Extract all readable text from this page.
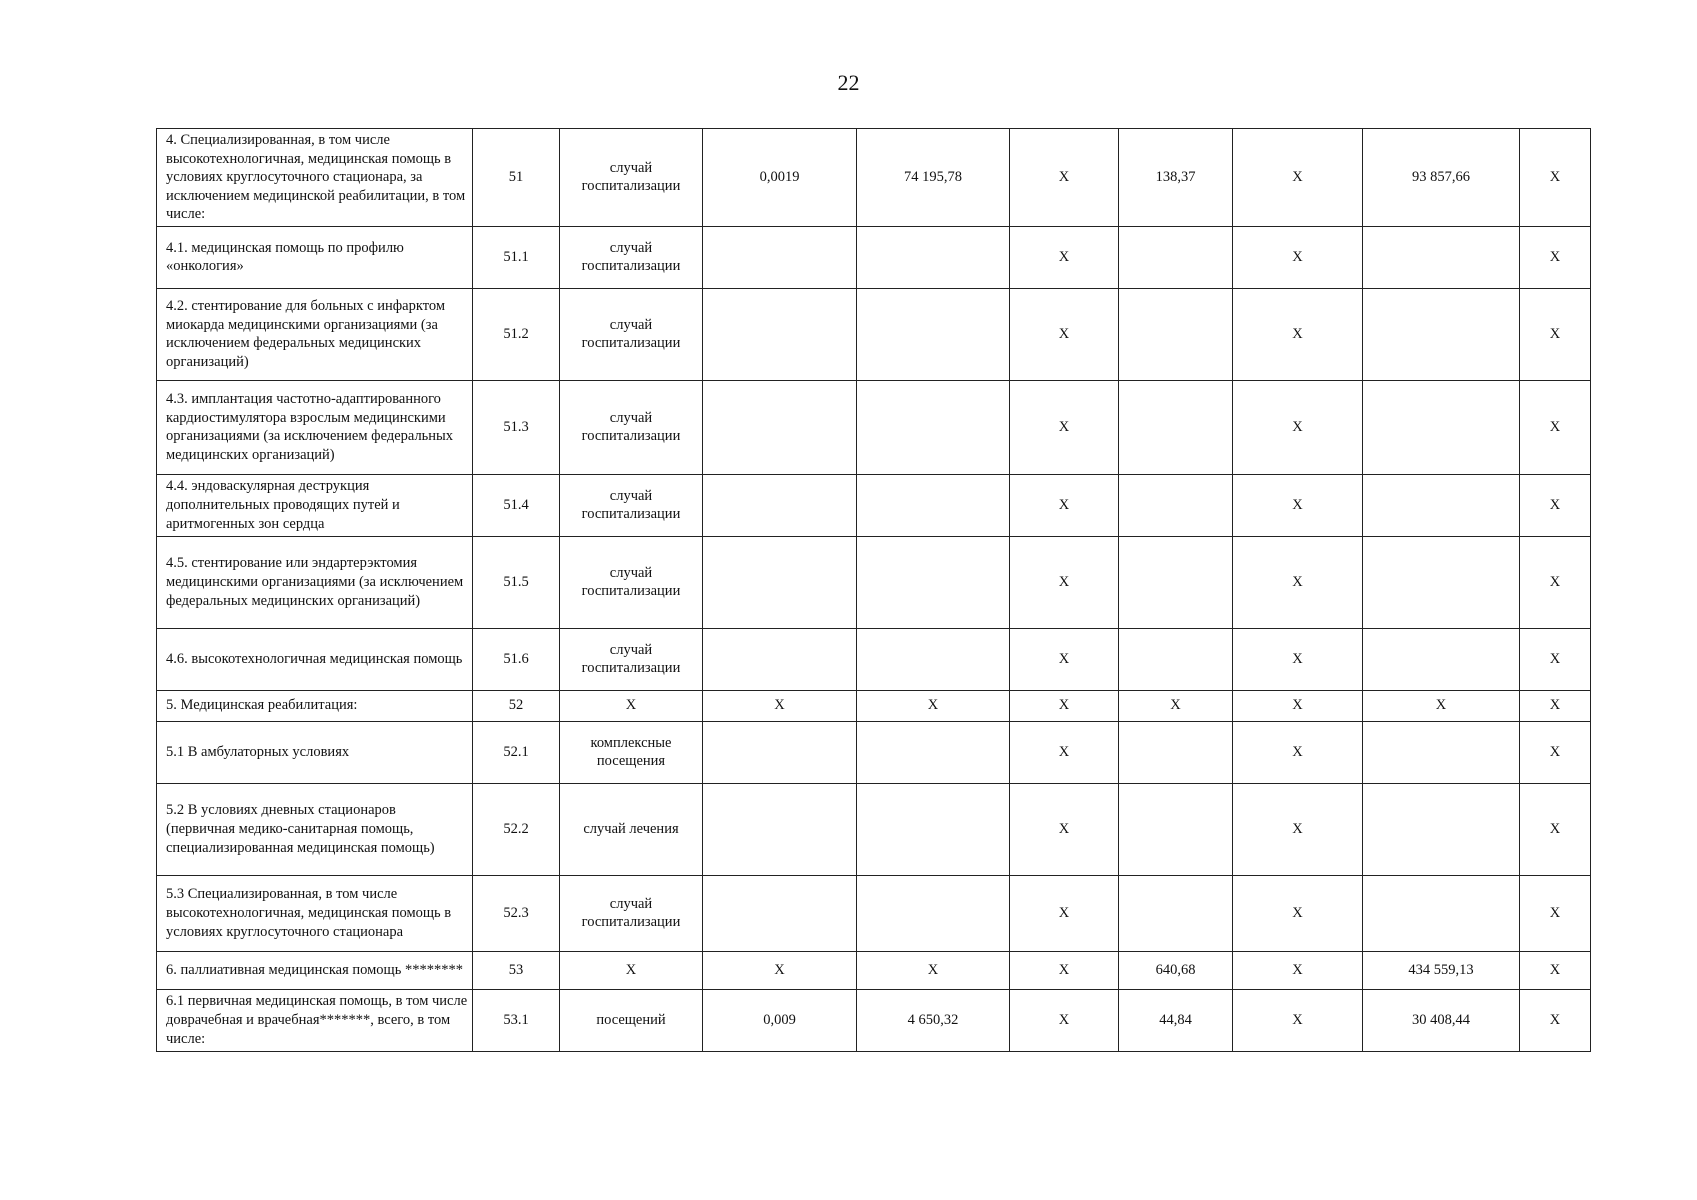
22
4. Специализированная, в том числе высокотехнологичная, медицинская помощь в условиях круглосуточного стационара, за исключением медицинской реабилитации, в том числе:	51	случай госпитализации	0,0019	74 195,78	X	138,37	X	93 857,66	X
4.1. медицинская помощь по профилю «онкология»	51.1	случай госпитализации			X		X		X
4.2. стентирование для больных с инфарктом миокарда медицинскими организациями (за исключением федеральных медицинских организаций)	51.2	случай госпитализации			X		X		X
4.3. имплантация частотно-адаптированного кардиостимулятора взрослым медицинскими организациями (за исключением федеральных медицинских организаций)	51.3	случай госпитализации			X		X		X
4.4. эндоваскулярная деструкция дополнительных проводящих путей и аритмогенных зон сердца	51.4	случай госпитализации			X		X		X
4.5. стентирование или эндартерэктомия медицинскими организациями (за исключением федеральных медицинских организаций)	51.5	случай госпитализации			X		X		X
4.6. высокотехнологичная медицинская помощь	51.6	случай госпитализации			X		X		X
5. Медицинская реабилитация:	52	X	X	X	X	X	X	X	X
5.1 В амбулаторных условиях	52.1	комплексные посещения			X		X		X
5.2 В условиях дневных стационаров (первичная медико-санитарная помощь, специализированная медицинская помощь)	52.2	случай лечения			X		X		X
5.3 Специализированная, в том числе высокотехнологичная, медицинская помощь в условиях круглосуточного стационара	52.3	случай госпитализации			X		X		X
6. паллиативная медицинская помощь ********	53	X	X	X	X	640,68	X	434 559,13	X
6.1 первичная медицинская помощь, в том числе доврачебная и врачебная*******, всего, в том числе:	53.1	посещений	0,009	4 650,32	X	44,84	X	30 408,44	X
